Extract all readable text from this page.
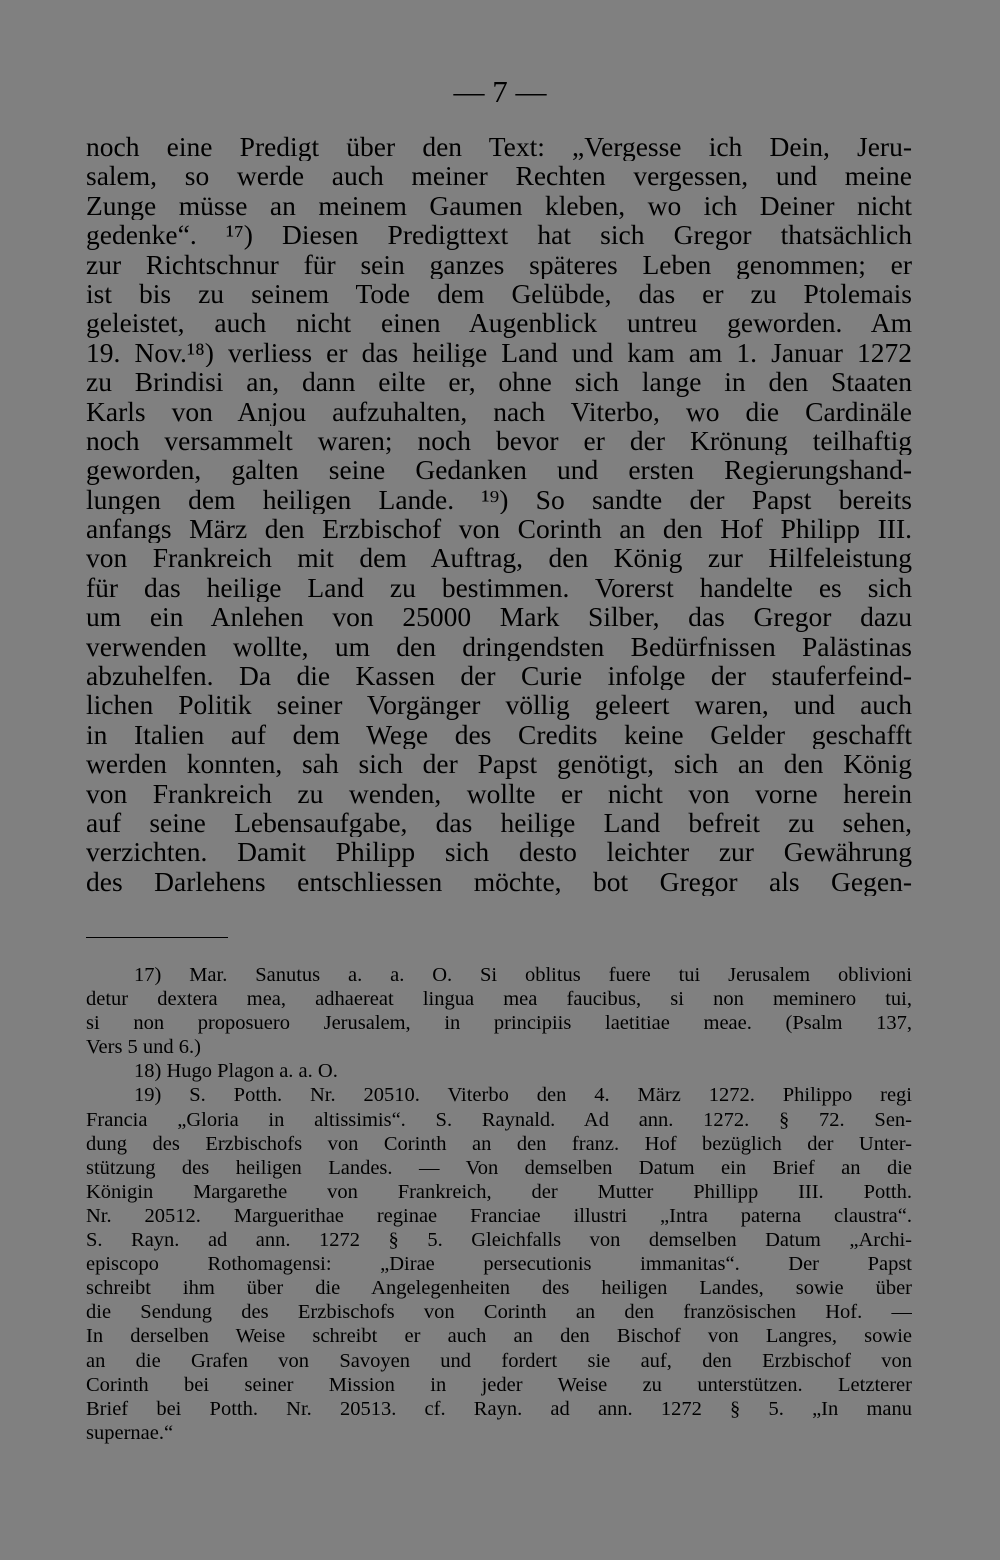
— 7 —
noch eine Predigt über den Text: „Vergesse ich Dein, Jeru-
salem, so werde auch meiner Rechten vergessen, und meine
Zunge müsse an meinem Gaumen kleben, wo ich Deiner nicht
gedenke“. ¹⁷) Diesen Predigttext hat sich Gregor thatsächlich
zur Richtschnur für sein ganzes späteres Leben genommen; er
ist bis zu seinem Tode dem Gelübde, das er zu Ptolemais
geleistet, auch nicht einen Augenblick untreu geworden. Am
19. Nov.¹⁸) verliess er das heilige Land und kam am 1. Januar 1272
zu Brindisi an, dann eilte er, ohne sich lange in den Staaten
Karls von Anjou aufzuhalten, nach Viterbo, wo die Cardinäle
noch versammelt waren; noch bevor er der Krönung teilhaftig
geworden, galten seine Gedanken und ersten Regierungshand-
lungen dem heiligen Lande. ¹⁹) So sandte der Papst bereits
anfangs März den Erzbischof von Corinth an den Hof Philipp III.
von Frankreich mit dem Auftrag, den König zur Hilfeleistung
für das heilige Land zu bestimmen. Vorerst handelte es sich
um ein Anlehen von 25000 Mark Silber, das Gregor dazu
verwenden wollte, um den dringendsten Bedürfnissen Palästinas
abzuhelfen. Da die Kassen der Curie infolge der stauferfeind-
lichen Politik seiner Vorgänger völlig geleert waren, und auch
in Italien auf dem Wege des Credits keine Gelder geschafft
werden konnten, sah sich der Papst genötigt, sich an den König
von Frankreich zu wenden, wollte er nicht von vorne herein
auf seine Lebensaufgabe, das heilige Land befreit zu sehen,
verzichten. Damit Philipp sich desto leichter zur Gewährung
des Darlehens entschliessen möchte, bot Gregor als Gegen-
17) Mar. Sanutus a. a. O. Si oblitus fuere tui Jerusalem oblivioni
detur dextera mea, adhaereat lingua mea faucibus, si non meminero tui,
si non proposuero Jerusalem, in principiis laetitiae meae. (Psalm 137,
Vers 5 und 6.)
18) Hugo Plagon a. a. O.
19) S. Potth. Nr. 20510. Viterbo den 4. März 1272. Philippo regi
Francia „Gloria in altissimis“. S. Raynald. Ad ann. 1272. § 72. Sen-
dung des Erzbischofs von Corinth an den franz. Hof bezüglich der Unter-
stützung des heiligen Landes. — Von demselben Datum ein Brief an die
Königin Margarethe von Frankreich, der Mutter Phillipp III. Potth.
Nr. 20512. Marguerithae reginae Franciae illustri „Intra paterna claustra“.
S. Rayn. ad ann. 1272 § 5. Gleichfalls von demselben Datum „Archi-
episcopo Rothomagensi: „Dirae persecutionis immanitas“. Der Papst
schreibt ihm über die Angelegenheiten des heiligen Landes, sowie über
die Sendung des Erzbischofs von Corinth an den französischen Hof. —
In derselben Weise schreibt er auch an den Bischof von Langres, sowie
an die Grafen von Savoyen und fordert sie auf, den Erzbischof von
Corinth bei seiner Mission in jeder Weise zu unterstützen. Letzterer
Brief bei Potth. Nr. 20513. cf. Rayn. ad ann. 1272 § 5. „In manu
supernae.“
